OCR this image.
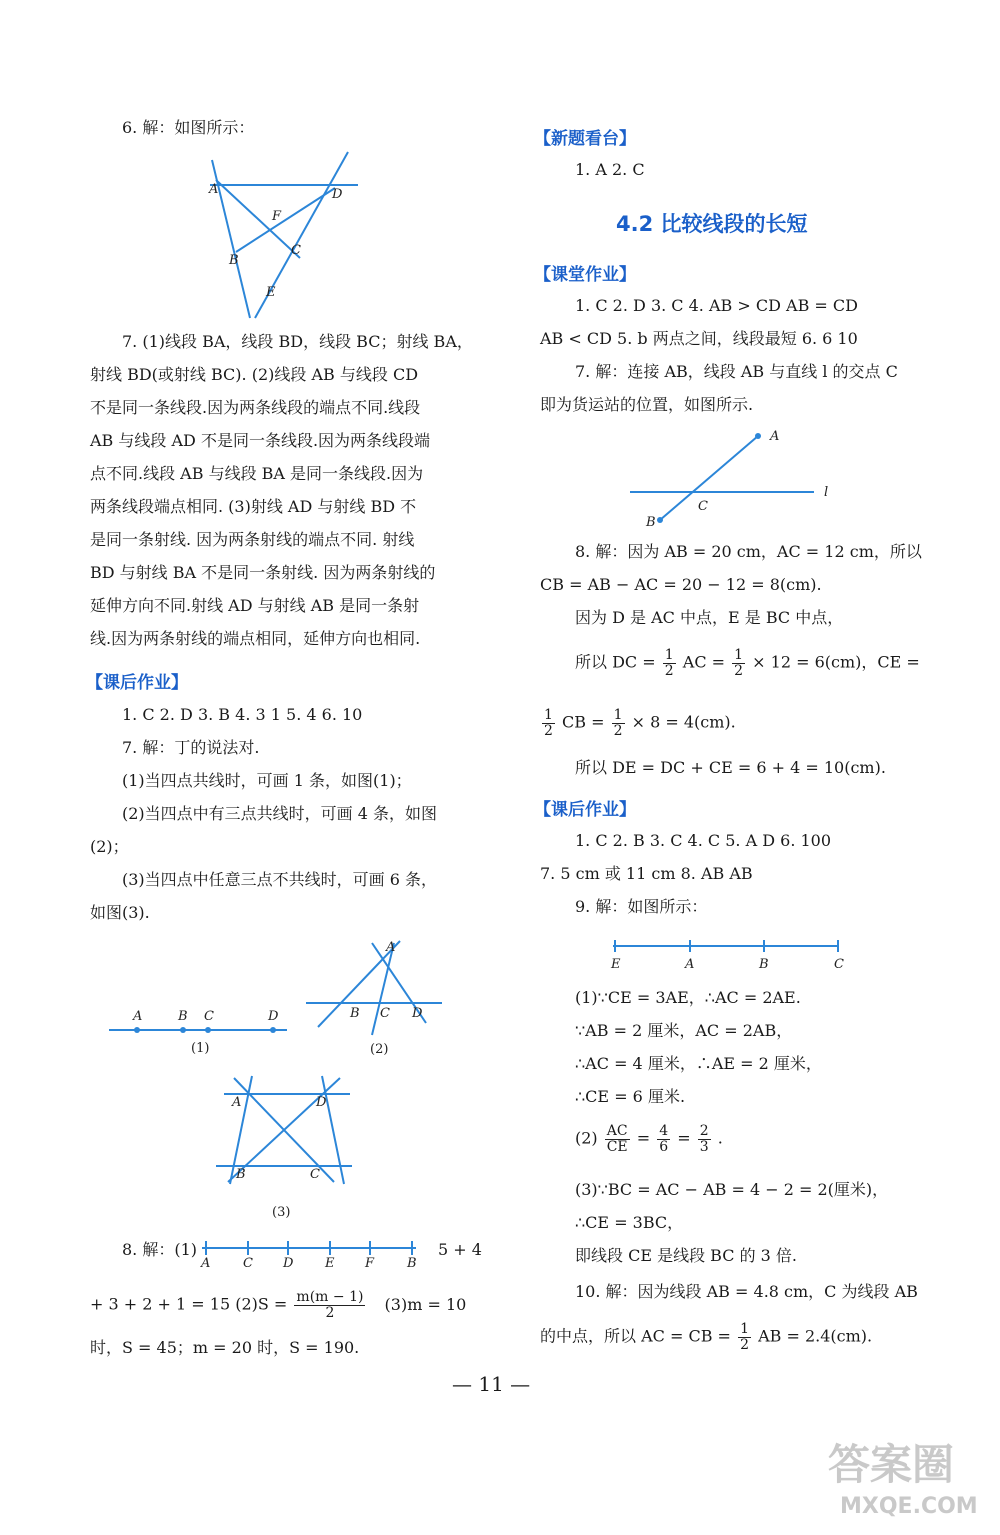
6. 解：如图所示：
A	D
F
C
B
E
7. (1)线段 BA，线段 BD，线段 BC；射线 BA，
射线 BD(或射线 BC). (2)线段 AB 与线段 CD
不是同一条线段.因为两条线段的端点不同.线段
AB 与线段 AD 不是同一条线段.因为两条线段端
点不同.线段 AB 与线段 BA 是同一条线段.因为
两条线段端点相同. (3)射线 AD 与射线 BD 不
是同一条射线. 因为两条射线的端点不同. 射线
BD 与射线 BA 不是同一条射线. 因为两条射线的
延伸方向不同.射线 AD 与射线 AB 是同一条射
线.因为两条射线的端点相同，延伸方向也相同.
【课后作业】
1. C 2. D 3. B 4. 3 1 5. 4 6. 10
7. 解：丁的说法对.
(1)当四点共线时，可画 1 条，如图(1)；
(2)当四点中有三点共线时，可画 4 条，如图
(2)；
(3)当四点中任意三点不共线时，可画 6 条，
如图(3).
A	B C	D
(1)
A
B C D
(2)
A	D
B	C
(3)
8. 解：(1)
A	C D E F	B
5 + 4
+ 3 + 2 + 1 = 15 $(2)S = \frac{m(m - 1)}{2} (3)m = 10$
时，S = 45；m = 20 时，S = 190.
【新题看台】
1. A 2. C
4.2 比较线段的长短
【课堂作业】
1. C 2. D 3. C 4. AB > CD AB = CD
AB < CD 5. b 两点之间，线段最短 6. 6 10
7. 解：连接 AB，线段 AB 与直线 l 的交点 C
即为货运站的位置，如图所示.
A
C
l
B
8. 解：因为 AB = 20 cm，AC = 12 cm，所以
CB = AB − AC = 20 − 12 = 8(cm).
因为 D 是 AC 中点，E 是 BC 中点，
所以 DC = $\frac{1}{2}$ AC = $\frac{1}{2} \times 12 = 6(cm)$，CE =
$\frac{1}{2}$ CB = $\frac{1}{2} \times 8 = 4(cm)$.
所以 DE = DC + CE = 6 + 4 = 10(cm).
【课后作业】
1. C 2. B 3. C 4. C 5. A D 6. 100
7. 5 cm 或 11 cm 8. AB AB
9. 解：如图所示：
E	A	B	C
(1)∵CE = 3AE，∴AC = 2AE.
∵AB = 2 厘米，AC = 2AB，
∴AC = 4 厘米，∴AE = 2 厘米，
∴CE = 6 厘米.
$(2) \frac{AC}{CE} = \frac{4}{6} = \frac{2}{3}$ .
(3)∵BC = AC − AB = 4 − 2 = 2(厘米)，
∴CE = 3BC，
即线段 CE 是线段 BC 的 3 倍.
10. 解：因为线段 AB = 4.8 cm，C 为线段 AB
的中点，所以 AC = CB = $\frac{1}{2}$ AB = 2.4(cm).
— 11 —
答案圈
MXQE.COM
